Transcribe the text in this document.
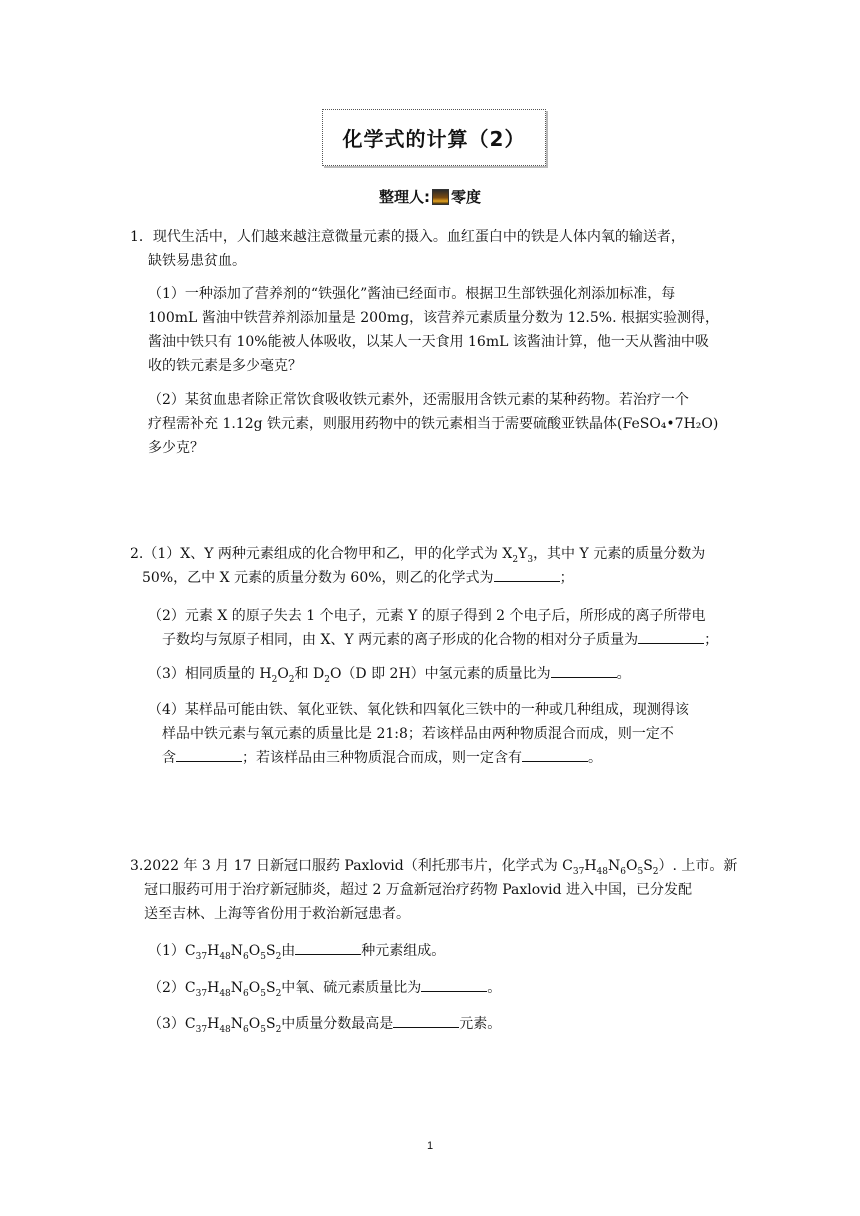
化学式的计算（2）
整理人: 零度

1．现代生活中，人们越来越注意微量元素的摄入。血红蛋白中的铁是人体内氧的输送者，

缺铁易患贫血。

（1）一种添加了营养剂的“铁强化”酱油已经面市。根据卫生部铁强化剂添加标准，每

100mL 酱油中铁营养剂添加量是 200mg，该营养元素质量分数为 12.5%. 根据实验测得，

酱油中铁只有 10%能被人体吸收，以某人一天食用 16mL 该酱油计算，他一天从酱油中吸

收的铁元素是多少毫克？

（2）某贫血患者除正常饮食吸收铁元素外，还需服用含铁元素的某种药物。若治疗一个

疗程需补充 1.12g 铁元素，则服用药物中的铁元素相当于需要硫酸亚铁晶体(FeSO₄•7H₂O)

多少克？

2.（1）X、Y 两种元素组成的化合物甲和乙，甲的化学式为 $X_2Y_3$，其中 Y 元素的质量分数为

50%，乙中 X 元素的质量分数为 60%，则乙的化学式为	；

（2）元素 X 的原子失去 1 个电子，元素 Y 的原子得到 2 个电子后，所形成的离子所带电

子数均与氖原子相同，由 X、Y 两元素的离子形成的化合物的相对分子质量为	；

（3）相同质量的 $H_2O_2$和 $D_2O(D$ 即 2H）中氢元素的质量比为	。

（4）某样品可能由铁、氧化亚铁、氧化铁和四氧化三铁中的一种或几种组成，现测得该

样品中铁元素与氧元素的质量比是 21:8；若该样品由两种物质混合而成，则一定不

含	；若该样品由三种物质混合而成，则一定含有	。

3.2022 年 3 月 17 日新冠口服药 Paxlovid（利托那韦片，化学式为 $C_{37}H_{48}N_6O_5S_2$）. 上市。新

冠口服药可用于治疗新冠肺炎，超过 2 万盒新冠治疗药物 Paxlovid 进入中国，已分发配

送至吉林、上海等省份用于救治新冠患者。

$(1)C_{37}H_{48}N_6O_5S_2$由	种元素组成。

$(2)C_{37}H_{48}N_6O_5S_2$中氧、硫元素质量比为	。

$(3)C_{37}H_{48}N_6O_5S_2$中质量分数最高是	元素。

1
